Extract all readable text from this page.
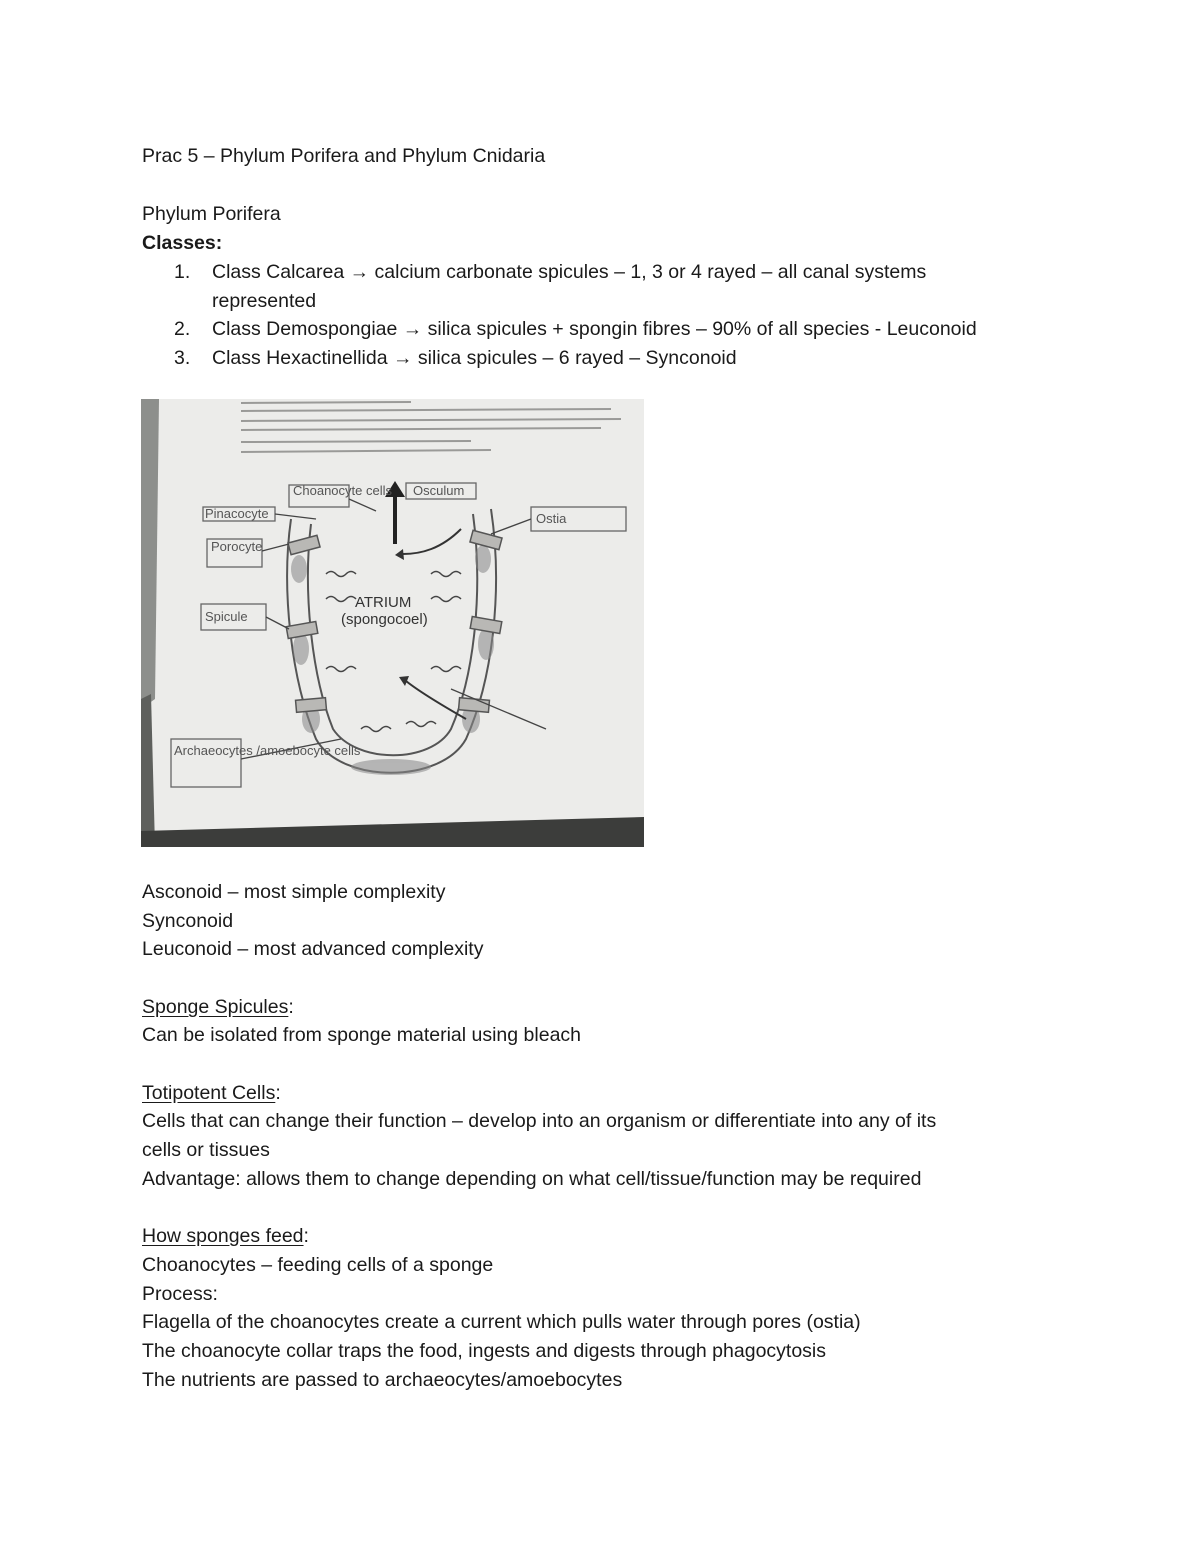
Prac 5 – Phylum Porifera and Phylum Cnidaria
Phylum Porifera
Classes:
1. Class Calcarea → calcium carbonate spicules – 1, 3 or 4 rayed – all canal systems
represented
2. Class Demospongiae → silica spicules + spongin fibres – 90% of all species - Leuconoid
3. Class Hexactinellida → silica spicules – 6 rayed – Synconoid
ATRIUM
(spongocoel)
Choanocyte cells Osculum
Pinacocyte
Porocyte
Spicule
Ostia
Archaeocytes /amoebocyte cells
Asconoid – most simple complexity
Synconoid
Leuconoid – most advanced complexity
Sponge Spicules:
Can be isolated from sponge material using bleach
Totipotent Cells:
Cells that can change their function – develop into an organism or differentiate into any of its
cells or tissues
Advantage: allows them to change depending on what cell/tissue/function may be required
How sponges feed:
Choanocytes – feeding cells of a sponge
Process:
Flagella of the choanocytes create a current which pulls water through pores (ostia)
The choanocyte collar traps the food, ingests and digests through phagocytosis
The nutrients are passed to archaeocytes/amoebocytes
